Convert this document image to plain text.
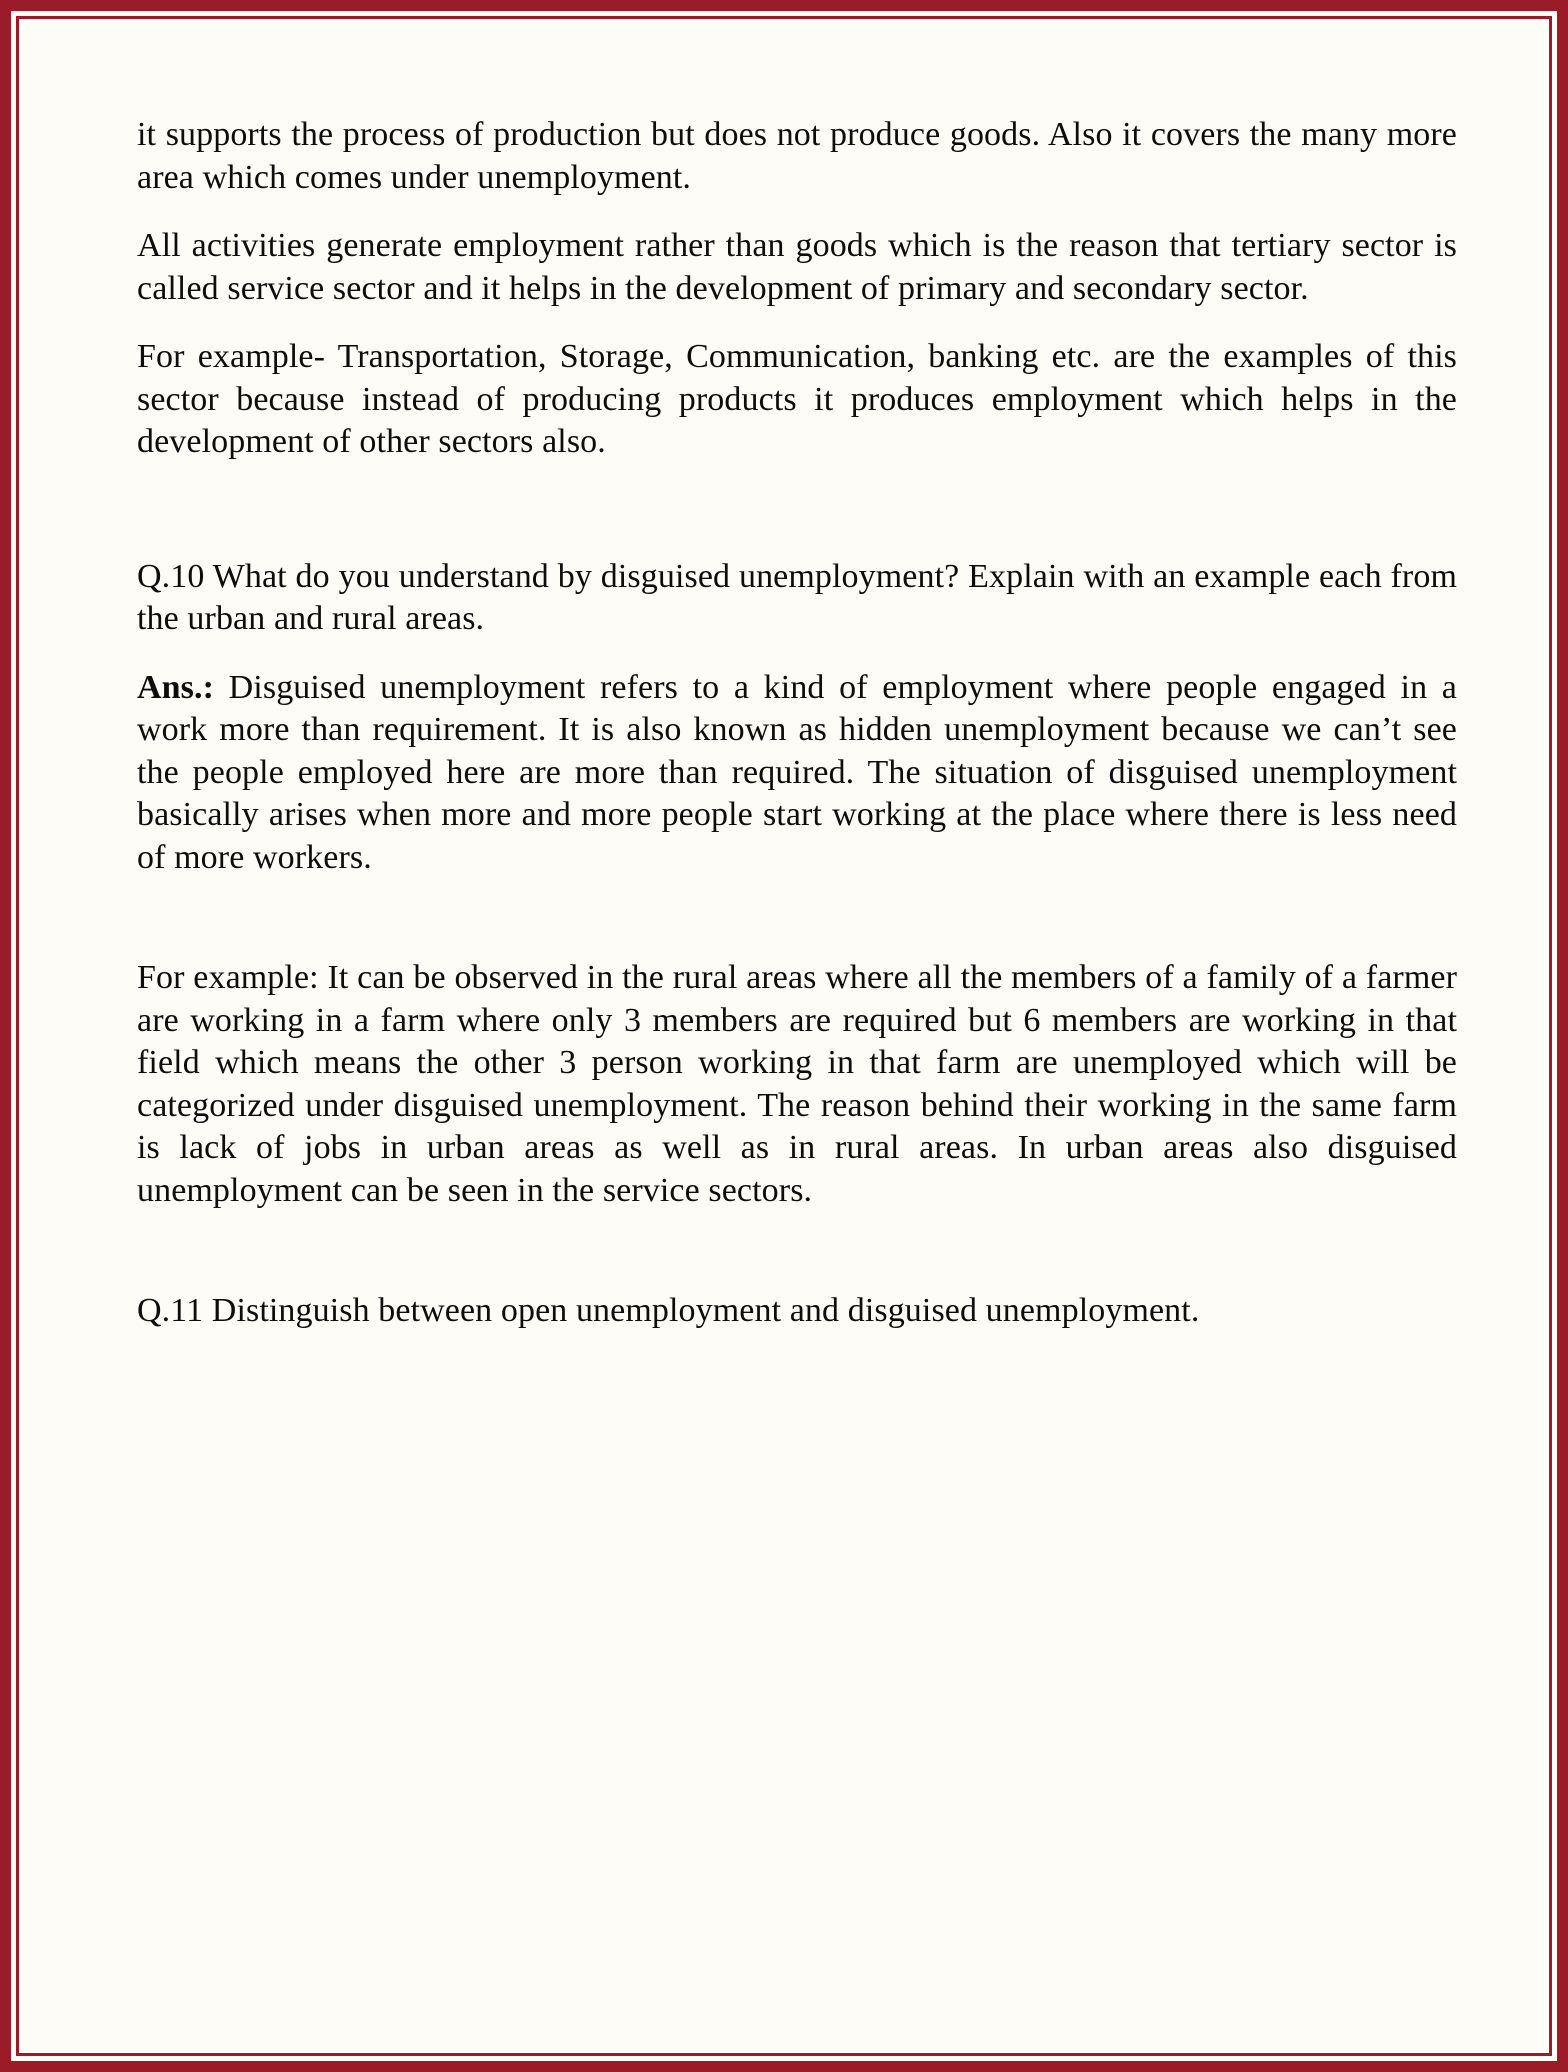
it supports the process of production but does not produce goods. Also it covers the many more area which comes under unemployment.

All activities generate employment rather than goods which is the reason that tertiary sector is called service sector and it helps in the development of primary and secondary sector.

For example- Transportation, Storage, Communication, banking etc. are the examples of this sector because instead of producing products it produces employment which helps in the development of other sectors also.

Q.10 What do you understand by disguised unemployment? Explain with an example each from the urban and rural areas.

Ans.: Disguised unemployment refers to a kind of employment where people engaged in a work more than requirement. It is also known as hidden unemployment because we can’t see the people employed here are more than required. The situation of disguised unemployment basically arises when more and more people start working at the place where there is less need of more workers.

For example: It can be observed in the rural areas where all the members of a family of a farmer are working in a farm where only 3 members are required but 6 members are working in that field which means the other 3 person working in that farm are unemployed which will be categorized under disguised unemployment. The reason behind their working in the same farm is lack of jobs in urban areas as well as in rural areas. In urban areas also disguised unemployment can be seen in the service sectors.

Q.11 Distinguish between open unemployment and disguised unemployment.
